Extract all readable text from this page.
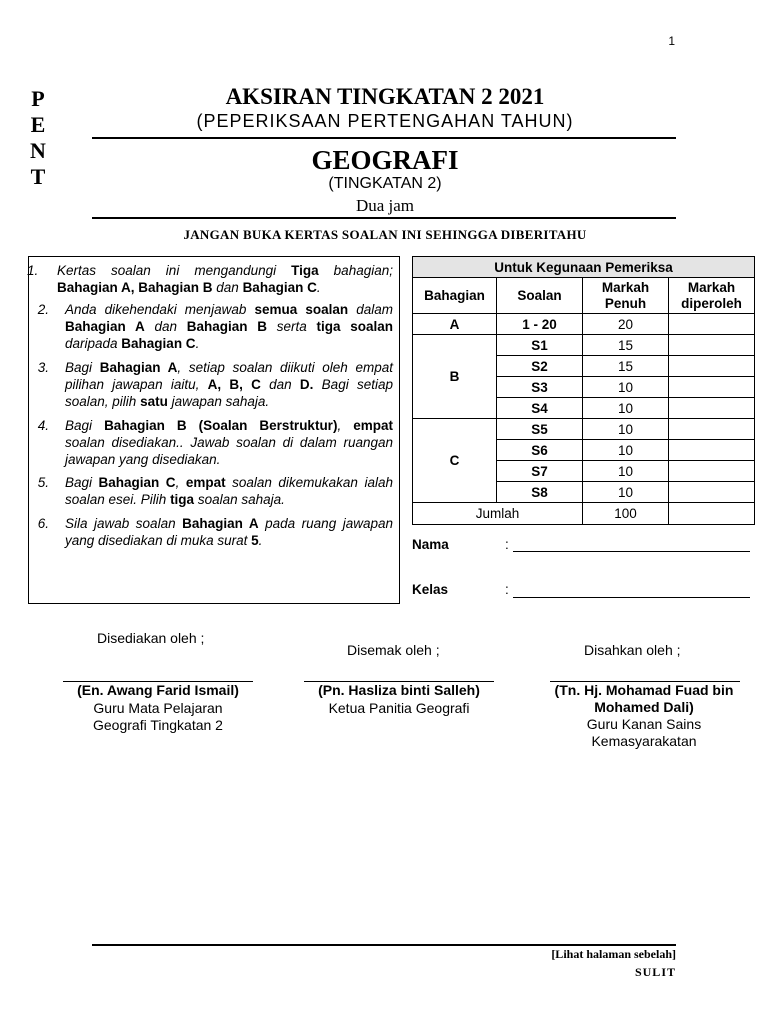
1
P
E
N
T
AKSIRAN TINGKATAN 2 2021
(PEPERIKSAAN PERTENGAHAN TAHUN)
GEOGRAFI
(TINGKATAN 2)
Dua jam
JANGAN BUKA KERTAS SOALAN INI SEHINGGA DIBERITAHU
1. Kertas soalan ini mengandungi Tiga bahagian; Bahagian A, Bahagian B dan Bahagian C.
2. Anda dikehendaki menjawab semua soalan dalam Bahagian A dan Bahagian B serta tiga soalan daripada Bahagian C.
3. Bagi Bahagian A, setiap soalan diikuti oleh empat pilihan jawapan iaitu, A, B, C dan D. Bagi setiap soalan, pilih satu jawapan sahaja.
4. Bagi Bahagian B (Soalan Berstruktur), empat soalan disediakan.. Jawab soalan di dalam ruangan jawapan yang disediakan.
5. Bagi Bahagian C, empat soalan dikemukakan ialah soalan esei. Pilih tiga soalan sahaja.
6. Sila jawab soalan Bahagian A pada ruang jawapan yang disediakan di muka surat 5.
Untuk Kegunaan Pemeriksa			
Bahagian	Soalan	Markah Penuh	Markah diperoleh
A	1 - 20	20	
B	S1	15	
	S2	15	
	S3	10	
	S4	10	
C	S5	10	
	S6	10	
	S7	10	
	S8	10	
Jumlah		100	
Nama	:
Kelas	:
Disediakan oleh ;
(En. Awang Farid Ismail)
Guru Mata Pelajaran
Geografi Tingkatan 2
Disemak oleh ;
(Pn. Hasliza binti Salleh)
Ketua Panitia Geografi
Disahkan oleh ;
(Tn. Hj. Mohamad Fuad bin
Mohamed Dali)
Guru Kanan Sains
Kemasyarakatan
[Lihat halaman sebelah]
SULIT
